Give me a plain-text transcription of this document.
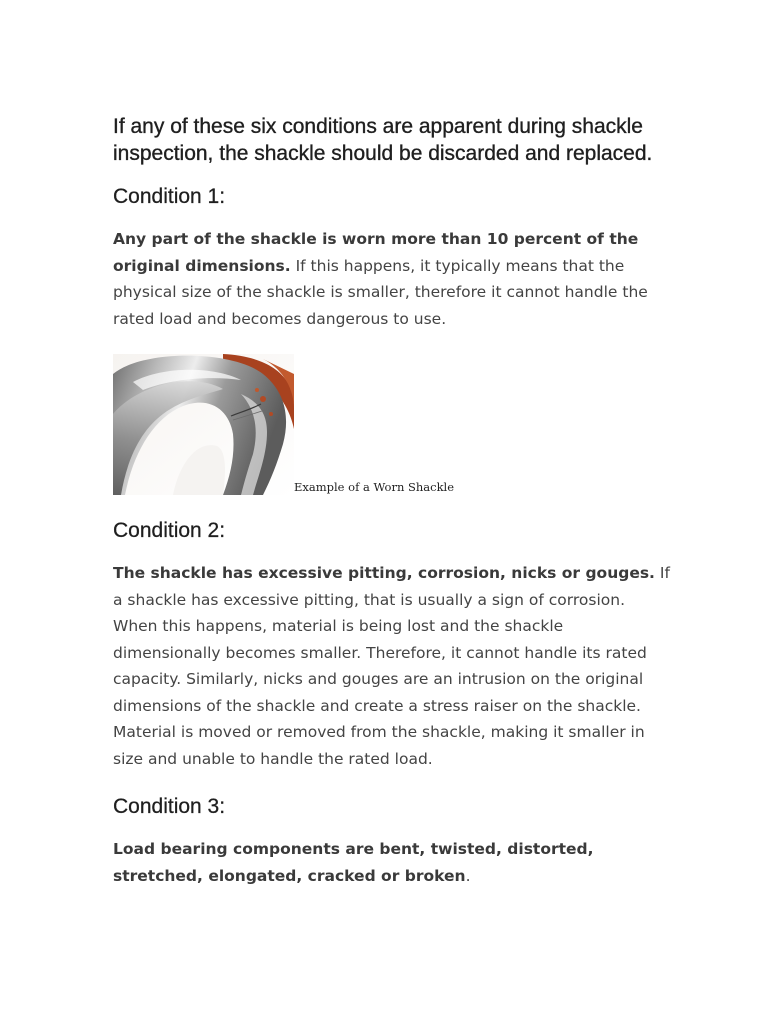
If any of these six conditions are apparent during shackle inspection, the shackle should be discarded and replaced.

Condition 1:

Any part of the shackle is worn more than 10 percent of the original dimensions. If this happens, it typically means that the physical size of the shackle is smaller, therefore it cannot handle the rated load and becomes dangerous to use.

Example of a Worn Shackle
Condition 2:

The shackle has excessive pitting, corrosion, nicks or gouges. If a shackle has excessive pitting, that is usually a sign of corrosion. When this happens, material is being lost and the shackle dimensionally becomes smaller. Therefore, it cannot handle its rated capacity. Similarly, nicks and gouges are an intrusion on the original dimensions of the shackle and create a stress raiser on the shackle. Material is moved or removed from the shackle, making it smaller in size and unable to handle the rated load.

Condition 3:

Load bearing components are bent, twisted, distorted, stretched, elongated, cracked or broken.
